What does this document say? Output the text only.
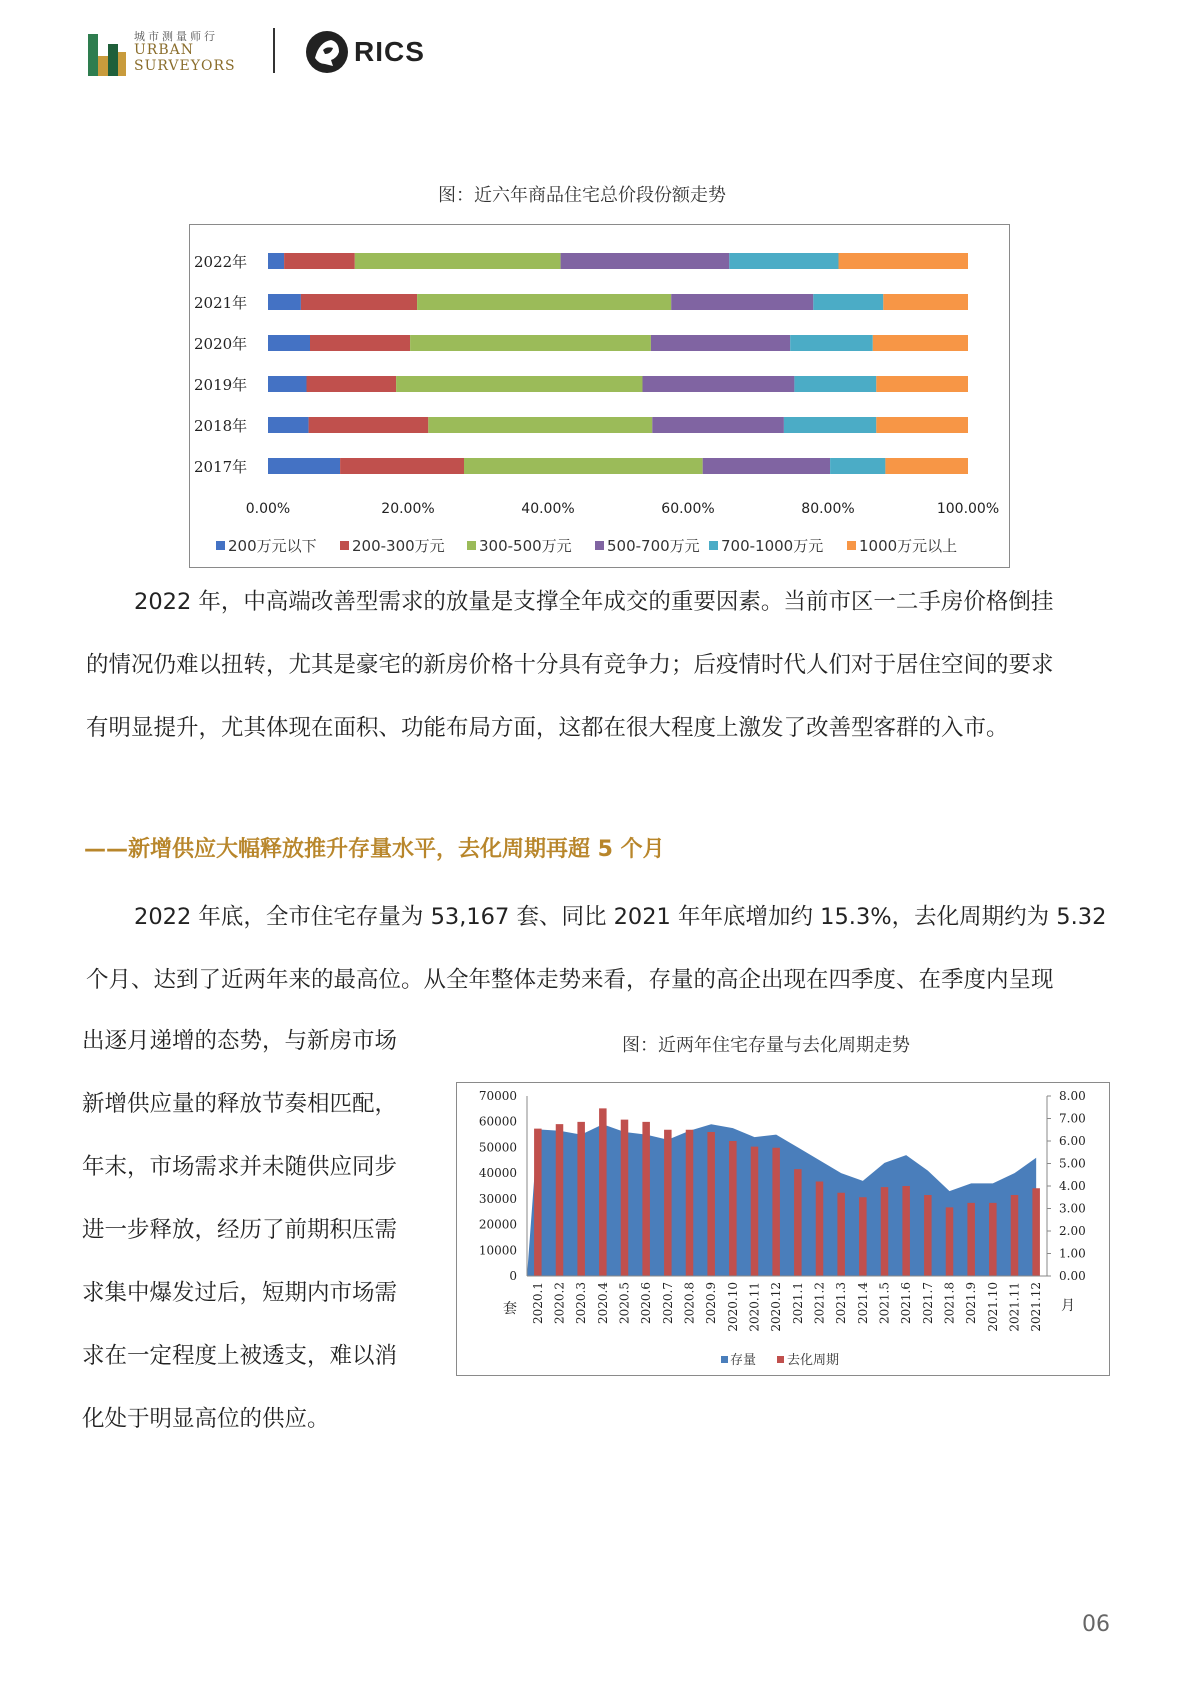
城市测量师行
URBAN
SURVEYORS	RICS
图：近六年商品住宅总价段份额走势
2022年
2021年
2020年
2019年
2018年
2017年
0.00%	20.00%	40.00%	60.00%	80.00%	100.00%
200万元以下 200-300万元 300-500万元 500-700万元 700-1000万元 1000万元以上
2022 年，中高端改善型需求的放量是支撑全年成交的重要因素。当前市区一二手房价格倒挂
的情况仍难以扭转，尤其是豪宅的新房价格十分具有竞争力；后疫情时代人们对于居住空间的要求
有明显提升，尤其体现在面积、功能布局方面，这都在很大程度上激发了改善型客群的入市。
——新增供应大幅释放推升存量水平，去化周期再超 5 个月
2022 年底，全市住宅存量为 53,167 套、同比 2021 年年底增加约 15.3%，去化周期约为 5.32
个月、达到了近两年来的最高位。从全年整体走势来看，存量的高企出现在四季度、在季度内呈现
出逐月递增的态势，与新房市场
新增供应量的释放节奏相匹配，
年末，市场需求并未随供应同步
进一步释放，经历了前期积压需
求集中爆发过后，短期内市场需
求在一定程度上被透支，难以消
化处于明显高位的供应。
图：近两年住宅存量与去化周期走势
0
10000
20000
30000
40000
50000
60000
70000
0.00
1.00
2.00
3.00
4.00
5.00
6.00
7.00
8.00
套	月
2020.1 2020.2 2020.3 2020.4 2020.5 2020.6 2020.7 2020.8 2020.9 2020.10 2020.11 2020.12 2021.1 2021.2 2021.3 2021.4 2021.5 2021.6 2021.7 2021.8 2021.9 2021.10 2021.11 2021.12
存量 去化周期
06
